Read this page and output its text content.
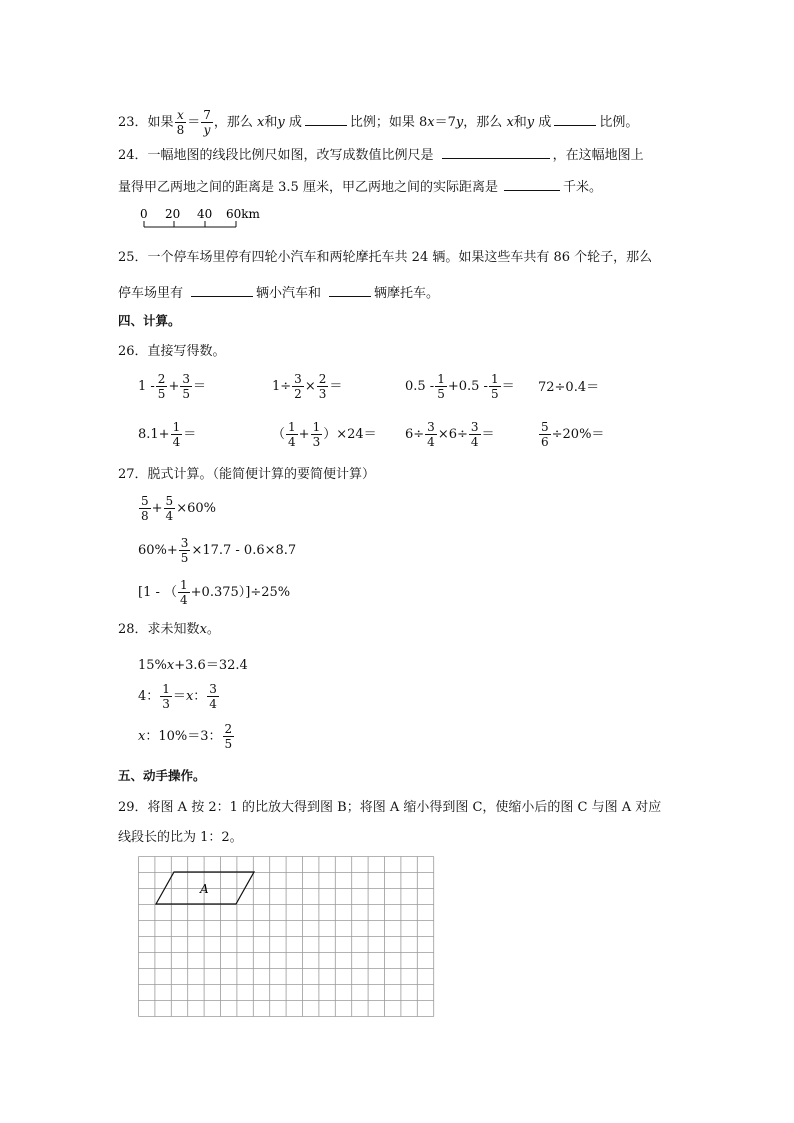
23．如果 $\frac{x}{8} = \frac{7}{y}$ ，那么 x和y 成	比例；如果 8x＝7y，那么 x和y 成	比例。
24．一幅地图的线段比例尺如图，改写成数值比例尺是	，在这幅地图上
量得甲乙两地之间的距离是 3.5 厘米，甲乙两地之间的实际距离是	千米。
0 20 40 60km
25．一个停车场里停有四轮小汽车和两轮摩托车共 24 辆。如果这些车共有 86 个轮子，那么
停车场里有	辆小汽车和	辆摩托车。
四、计算。
26．直接写得数。
$1 - \frac{2}{5} + \frac{3}{5}$ ＝	$1\div \frac{3}{2} \times \frac{2}{3}$ ＝	$0.5 - \frac{1}{5} +0.5 - \frac{1}{5} = 72\div 0.4=$
$8.1+ \frac{1}{4}$ ＝	（ $\frac{1}{4} + \frac{1}{3} )\times 24= 6\div \frac{3}{4} \times 6\div \frac{3}{4}$ ＝	$\frac{5}{6} \div 20\%=$
27．脱式计算。（能简便计算的要简便计算）
$\frac{5}{8} + \frac{5}{4} \times 60\%$
$60\%+ \frac{3}{5} \times 17.7 - 0.6\times 8.7$
[1 - （ $\frac{1}{4} +0.375)]\div 25\%$
28．求未知数x。
15%x+3.6＝32.4
4： $\frac{1}{3} =x$： $\frac{3}{4}$
x：10%＝3： $\frac{2}{5}$
五、动手操作。
29．将图 A 按 2：1 的比放大得到图 B；将图 A 缩小得到图 C，使缩小后的图 C 与图 A 对应
线段长的比为 1：2。
A
